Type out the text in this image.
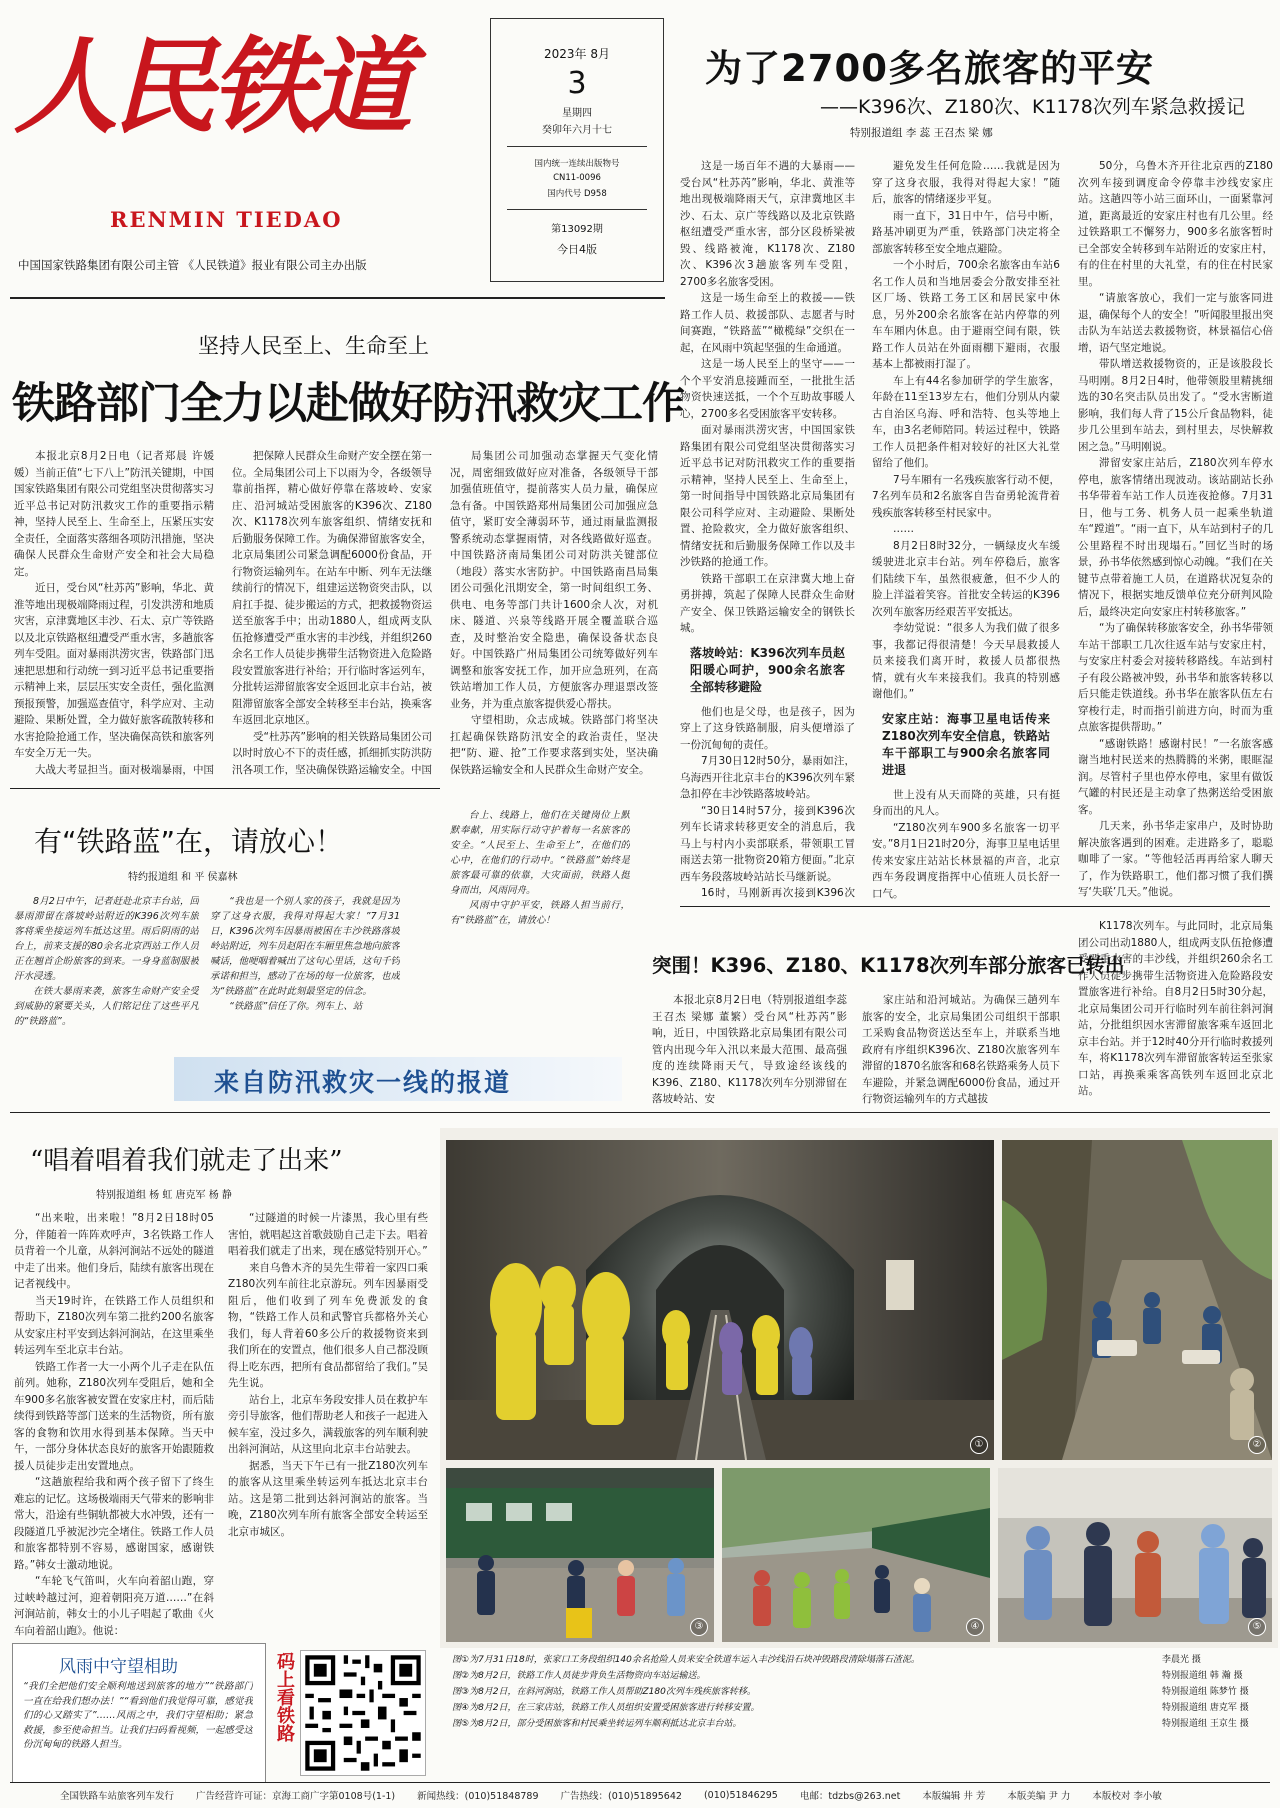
人民铁道
RENMIN TIEDAO
中国国家铁路集团有限公司主管 《人民铁道》报业有限公司主办出版
2023年 8月
3
星期四
癸卯年六月十七
国内统一连续出版物号
CN11-0096
国内代号 D958
第13092期
今日4版
为了2700多名旅客的平安
——K396次、Z180次、K1178次列车紧急救援记
特别报道组 李 蕊 王召杰 梁 娜

这是一场百年不遇的大暴雨——受台风“杜苏芮”影响，华北、黄淮等地出现极端降雨天气，京津冀地区丰沙、石太、京广等线路以及北京铁路枢纽遭受严重水害，部分区段桥梁被毁、线路被淹，K1178次、Z180次、K396次3趟旅客列车受阻，2700多名旅客受困。

这是一场生命至上的救援——铁路工作人员、救援部队、志愿者与时间赛跑，“铁路蓝”“橄榄绿”交织在一起，在风雨中筑起坚强的生命通道。

这是一场人民至上的坚守——一个个平安消息接踵而至，一批批生活物资快速送抵，一个个互助故事暖人心，2700多名受困旅客平安转移。

面对暴雨洪涝灾害，中国国家铁路集团有限公司党组坚决贯彻落实习近平总书记对防汛救灾工作的重要指示精神，坚持人民至上、生命至上，第一时间指导中国铁路北京局集团有限公司科学应对、主动避险、果断处置、抢险救灾，全力做好旅客组织、情绪安抚和后勤服务保障工作以及丰沙铁路的抢通工作。

铁路干部职工在京津冀大地上奋勇拼搏，筑起了保障人民群众生命财产安全、保卫铁路运输安全的钢铁长城。

落坡岭站：K396次列车员赵阳暖心呵护，900余名旅客全部转移避险

他们也是父母，也是孩子，因为穿上了这身铁路制服，肩头便增添了一份沉甸甸的责任。

7月30日12时50分，暴雨如注，乌海西开往北京丰台的K396次列车紧急扣停在丰沙铁路落坡岭站。

“30日14时57分，接到K396次列车长请求转移更安全的消息后，我马上与村内小卖部联系，带领职工冒雨送去第一批物资20箱方便面。”北京西车务段落坡岭站站长马继新说。

16时，马刚新再次接到K396次

避免发生任何危险……我就是因为穿了这身衣服，我得对得起大家！”随后，旅客的情绪逐步平复。

雨一直下，31日中午，信号中断，路基冲刷更为严重，铁路部门决定将全部旅客转移至安全地点避险。

一个小时后，700余名旅客由车站6名工作人员和当地居委会分散安排至社区厂场、铁路工务工区和居民家中休息，另外200余名旅客在站内停靠的列车车厢内休息。由于避雨空间有限，铁路工作人员站在外面雨棚下避雨，衣服基本上都被雨打湿了。

车上有44名参加研学的学生旅客，年龄在11至13岁左右，他们分别从内蒙古自治区乌海、呼和浩特、包头等地上车，由3名老师陪同。转运过程中，铁路工作人员把条件相对较好的社区大礼堂留给了他们。

7号车厢有一名残疾旅客行动不便，7名列车员和2名旅客自告奋勇轮流背着残疾旅客转移至村民家中。

……

8月2日8时32分，一辆绿皮火车缓缓驶进北京丰台站。列车停稳后，旅客们陆续下车，虽然很疲惫，但不少人的脸上洋溢着笑容。首批安全转运的K396次列车旅客历经艰苦平安抵达。

李幼觉说：“很多人为我们做了很多事，我都记得很清楚！今天早晨救援人员来接我们离开时，救援人员都很热情，就有火车来接我们。我真的特别感谢他们。”

安家庄站：海事卫星电话传来Z180次列车安全信息，铁路站车干部职工与900余名旅客同进退

世上没有从天而降的英雄，只有挺身而出的凡人。

“Z180次列车900多名旅客一切平安。”8月1日21时20分，海事卫星电话里传来安家庄站站长林景福的声音，北京西车务段调度指挥中心值班人员长舒一口气。

50分，乌鲁木齐开往北京西的Z180次列车接到调度命令停靠丰沙线安家庄站。这趟四等小站三面环山，一面紧靠河道，距离最近的安家庄村也有几公里。经过铁路职工不懈努力，900多名旅客暂时已全部安全转移到车站附近的安家庄村，有的住在村里的大礼堂，有的住在村民家里。

“请旅客放心，我们一定与旅客同进退，确保每个人的安全！”听闻股里报出突击队为车站送去救援物资，林景福信心倍增，语气坚定地说。

带队增送救援物资的，正是该股段长马明刚。8月2日4时，他带领股里精挑细选的30名突击队员出发了。“受水害断道影响，我们每人背了15公斤食品物料，徒步几公里到车站去，到村里去，尽快解救困之急。”马明刚说。

滞留安家庄站后，Z180次列车停水停电，旅客情绪出现波动。该站副站长孙书华带着车站工作人员连夜抢修。7月31日，他与工务、机务人员一起乘坐轨道车“蹚道”。“雨一直下，从车站到村子的几公里路程不时出现塌石。”回忆当时的场景，孙书华依然感到惊心动魄。“我们在关键节点带着施工人员，在道路状况复杂的情况下，根据实地反馈单位充分研判风险后，最终决定向安家庄村转移旅客。”

“为了确保转移旅客安全，孙书华带领车站干部职工几次往返车站与安家庄村，与安家庄村委会对接转移路线。车站到村子有段公路被冲毁，孙书华和旅客转移以后只能走铁道线。孙书华在旅客队伍左右穿梭行走，时而指引前进方向，时而为重点旅客提供帮助。”

“感谢铁路！感谢村民！”一名旅客感谢当地村民送来的热腾腾的米粥，眼眶湿润。尽管村子里也停水停电，家里有做饭气罐的村民还是主动拿了热粥送给受困旅客。

几天来，孙书华走家串户，及时协助解决旅客遇到的困难。走进路多了，聪聪咖啡了一家。“等他轻活再再给家人聊天了，作为铁路职工，他们都习惯了我们撰写‘失联’几天。”他说。

坚持人民至上、生命至上
铁路部门全力以赴做好防汛救灾工作

本报北京8月2日电（记者郑晨 许媛媛）当前正值“七下八上”防汛关键期，中国国家铁路集团有限公司党组坚决贯彻落实习近平总书记对防汛救灾工作的重要指示精神，坚持人民至上、生命至上，压紧压实安全责任，全面落实落细各项防汛措施，坚决确保人民群众生命财产安全和社会大局稳定。

近日，受台风“杜苏芮”影响，华北、黄淮等地出现极端降雨过程，引发洪涝和地质灾害，京津冀地区丰沙、石太、京广等铁路以及北京铁路枢纽遭受严重水害，多趟旅客列车受阻。面对暴雨洪涝灾害，铁路部门迅速把思想和行动统一到习近平总书记重要指示精神上来，层层压实安全责任，强化监测预报预警，加强巡查值守，科学应对、主动避险、果断处置，全力做好旅客疏散转移和水害抢险抢通工作，坚决确保高铁和旅客列车安全万无一失。

大战大考显担当。面对极端暴雨，中国

把保障人民群众生命财产安全摆在第一位。全局集团公司上下以雨为令，各级领导靠前指挥，精心做好停靠在落坡岭、安家庄、沿河城站受困旅客的K396次、Z180次、K1178次列车旅客组织、情绪安抚和后勤服务保障工作。为确保滞留旅客安全，北京局集团公司紧急调配6000份食品，开行物资运输列车。在站车中断、列车无法继续前行的情况下，组建运送物资突击队，以肩扛手提、徒步搬运的方式，把救援物资运送至旅客手中；出动1880人，组成两支队伍抢修遭受严重水害的丰沙线，并组织260余名工作人员徒步携带生活物资进入危险路段安置旅客进行补给；开行临时客运列车，分批转运滞留旅客安全返回北京丰台站，被阻滞留旅客全部安全转移至丰台站，换乘客车返回北京地区。

受“杜苏芮”影响的相关铁路局集团公司以时时放心不下的责任感，抓细抓实防洪防汛各项工作，坚决确保铁路运输安全。中国

局集团公司加强动态掌握天气变化情况，周密细致做好应对准备，各级领导干部加强值班值守，提前落实人员力量，确保应急有备。中国铁路郑州局集团公司加强应急值守，紧盯安全薄弱环节，通过雨量监测报警系统动态掌握雨情，对各线路做好巡查。中国铁路济南局集团公司对防洪关键部位（地段）落实水害防护。中国铁路南昌局集团公司强化汛期安全，第一时间组织工务、供电、电务等部门共计1600余人次，对机床、隧道、兴泉等线路开展全覆盖联合巡查，及时整治安全隐患，确保设备状态良好。中国铁路广州局集团公司统筹做好列车调整和旅客安抚工作，加开应急班列，在高铁站增加工作人员，方便旅客办理退票改签业务，并为重点旅客提供爱心帮扶。

守望相助，众志成城。铁路部门将坚决扛起确保铁路防汛安全的政治责任，坚决把“防、避、抢”工作要求落到实处，坚决确保铁路运输安全和人民群众生命财产安全。

有“铁路蓝”在，请放心！
特约报道组 和 平 侯嘉林

8月2日中午，记者赶赴北京丰台站，回暴雨滞留在落坡岭站附近的K396次列车旅客将乘坐接运列车抵达这里。雨后阴雨的站台上，前来支援的80余名北京西站工作人员正在翘首企盼旅客的到来。一身身蓝制服被汗水浸透。

在铁大暴雨来袭，旅客生命财产安全受到威胁的紧要关头，人们铭记住了这些平凡的“铁路蓝”。

“我也是一个别人家的孩子，我就是因为穿了这身衣服，我得对得起大家！”7月31日，K396次列车因暴雨被困在丰沙铁路落坡岭站附近，列车员赵阳在车厢里焦急地向旅客喊话，他哽咽着喊出了这句心里话，这句千钧承诺和担当，感动了在场的每一位旅客，也成为“铁路蓝”在此时此刻最坚定的信念。

“铁路蓝”信任了你。列车上、站

台上、线路上，他们在关键岗位上默默奉献，用实际行动守护着每一名旅客的安全。“人民至上、生命至上”，在他们的心中，在他们的行动中。“铁路蓝”始终是旅客最可靠的依靠，大灾面前，铁路人挺身而出，风雨同舟。

风雨中守护平安，铁路人担当前行，有“铁路蓝”在，请放心！

突围！K396、Z180、K1178次列车部分旅客已转出

本报北京8月2日电（特别报道组李蕊 王召杰 梁娜 董繁）受台风“杜苏芮”影响，近日，中国铁路北京局集团有限公司管内出现今年入汛以来最大范围、最高强度的连续降雨天气，导致途经该线的K396、Z180、K1178次列车分别滞留在落坡岭站、安

家庄站和沿河城站。为确保三趟列车旅客的安全，北京局集团公司组织干部职工采购食品物资送达至车上，并联系当地政府有序组织K396次、Z180次旅客列车滞留的1870名旅客和68名铁路乘务人员下车避险，并紧急调配6000份食品，通过开行物资运输列车的方式越拔

K1178次列车。与此同时，北京局集团公司出动1880人，组成两支队伍抢修遭受严重水害的丰沙线，并组织260余名工作人员徒步携带生活物资进入危险路段安置旅客进行补给。自8月2日5时30分起，北京局集团公司开行临时列车前往斜河涧站，分批组织因水害滞留旅客乘车返回北京丰台站。并于12时40分开行临时救援列车，将K1178次列车滞留旅客转运至张家口站，再换乘乘客高铁列车返回北京北站。

来自防汛救灾一线的报道
“唱着唱着我们就走了出来”
特别报道组 杨 虹 唐克军 杨 静

“出来啦，出来啦！”8月2日18时05分，伴随着一阵阵欢呼声，3名铁路工作人员背着一个儿童，从斜河涧站不远处的隧道中走了出来。他们身后，陆续有旅客出现在记者视线中。

当天19时许，在铁路工作人员组织和帮助下，Z180次列车第二批约200名旅客从安家庄村平安到达斜河涧站，在这里乘坐转运列车至北京丰台站。

铁路工作者一大一小两个儿子走在队伍前列。她称，Z180次列车受阻后，她和全车900多名旅客被安置在安家庄村，而后陆续得到铁路等部门送来的生活物资，所有旅客的食物和饮用水得到基本保障。当天中午，一部分身体状态良好的旅客开始跟随救援人员徒步走出安置地点。

“这趟旅程给我和两个孩子留下了终生难忘的记忆。这场极端雨天气带来的影响非常大，沿途有些铜轨都被大水冲毁，还有一段隧道几乎被泥沙完全堵住。铁路工作人员和旅客都特别不容易，感谢国家，感谢铁路。”韩女士激动地说。

“车轮飞气笛叫，火车向着韶山跑，穿过峡岭越过河，迎着朝阳亮万道……”在斜河涧站前，韩女士的小儿子唱起了歌曲《火车向着韶山跑》。他说：

“过隧道的时候一片漆黑，我心里有些害怕，就唱起这首歌鼓励自己走下去。唱着唱着我们就走了出来，现在感觉特别开心。”

来自乌鲁木齐的吴先生带着一家四口乘Z180次列车前往北京游玩。列车因暴雨受阻后，他们收到了列车免费派发的食物，“铁路工作人员和武警官兵都格外关心我们，每人背着60多公斤的救援物资来到我们所在的安置点，他们很多人自己都没顾得上吃东西，把所有食品都留给了我们。”吴先生说。

站台上，北京车务段安排人员在救护车旁引导旅客，他们帮助老人和孩子一起进入候车室，没过多久，满载旅客的列车顺利驶出斜河涧站，从这里向北京丰台站驶去。

据悉，当天下午已有一批Z180次列车的旅客从这里乘坐转运列车抵达北京丰台站。这是第二批到达斜河涧站的旅客。当晚，Z180次列车所有旅客全部安全转运至北京市城区。

风雨中守望相助
“我们全把他们安全顺利地送到旅客的地方”“铁路部门一直在给我们想办法！”“看到他们我觉得可靠，感觉我们的心又踏实了”……风雨之中，我们守望相助；紧急救援，参至使命担当。让我们扫码看视频，一起感受这份沉甸甸的铁路人担当。
码上看铁路
①	②
③	④	⑤
图①为7月31日18时，张家口工务段组织140余名抢险人员来安全铁道车运入丰沙线沿石块冲毁路段清除塌落石渣泥。	李晨光 摄
图②为8月2日，铁路工作人员徒步背负生活物资向车站运输送。	特别报道组 韩 瀚 摄
图③为8月2日，在斜河涧站，铁路工作人员帮助Z180次列车残疾旅客转移。	特别报道组 陈梦竹 摄
图④为8月2日，在三家店站，铁路工作人员组织安置受困旅客进行转移安置。	特别报道组 唐克军 摄
图⑤为8月2日，部分受困旅客和村民乘坐转运列车顺利抵达北京丰台站。	特别报道组 王京生 摄
全国铁路车站旅客列车发行 广告经营许可证：京海工商广字第0108号(1-1) 新闻热线：(010)51848789 广告热线：(010)51895642 (010)51846295 电邮：tdzbs@263.net 本版编辑 井 芳 本版美编 尹 力 本版校对 李小敏
